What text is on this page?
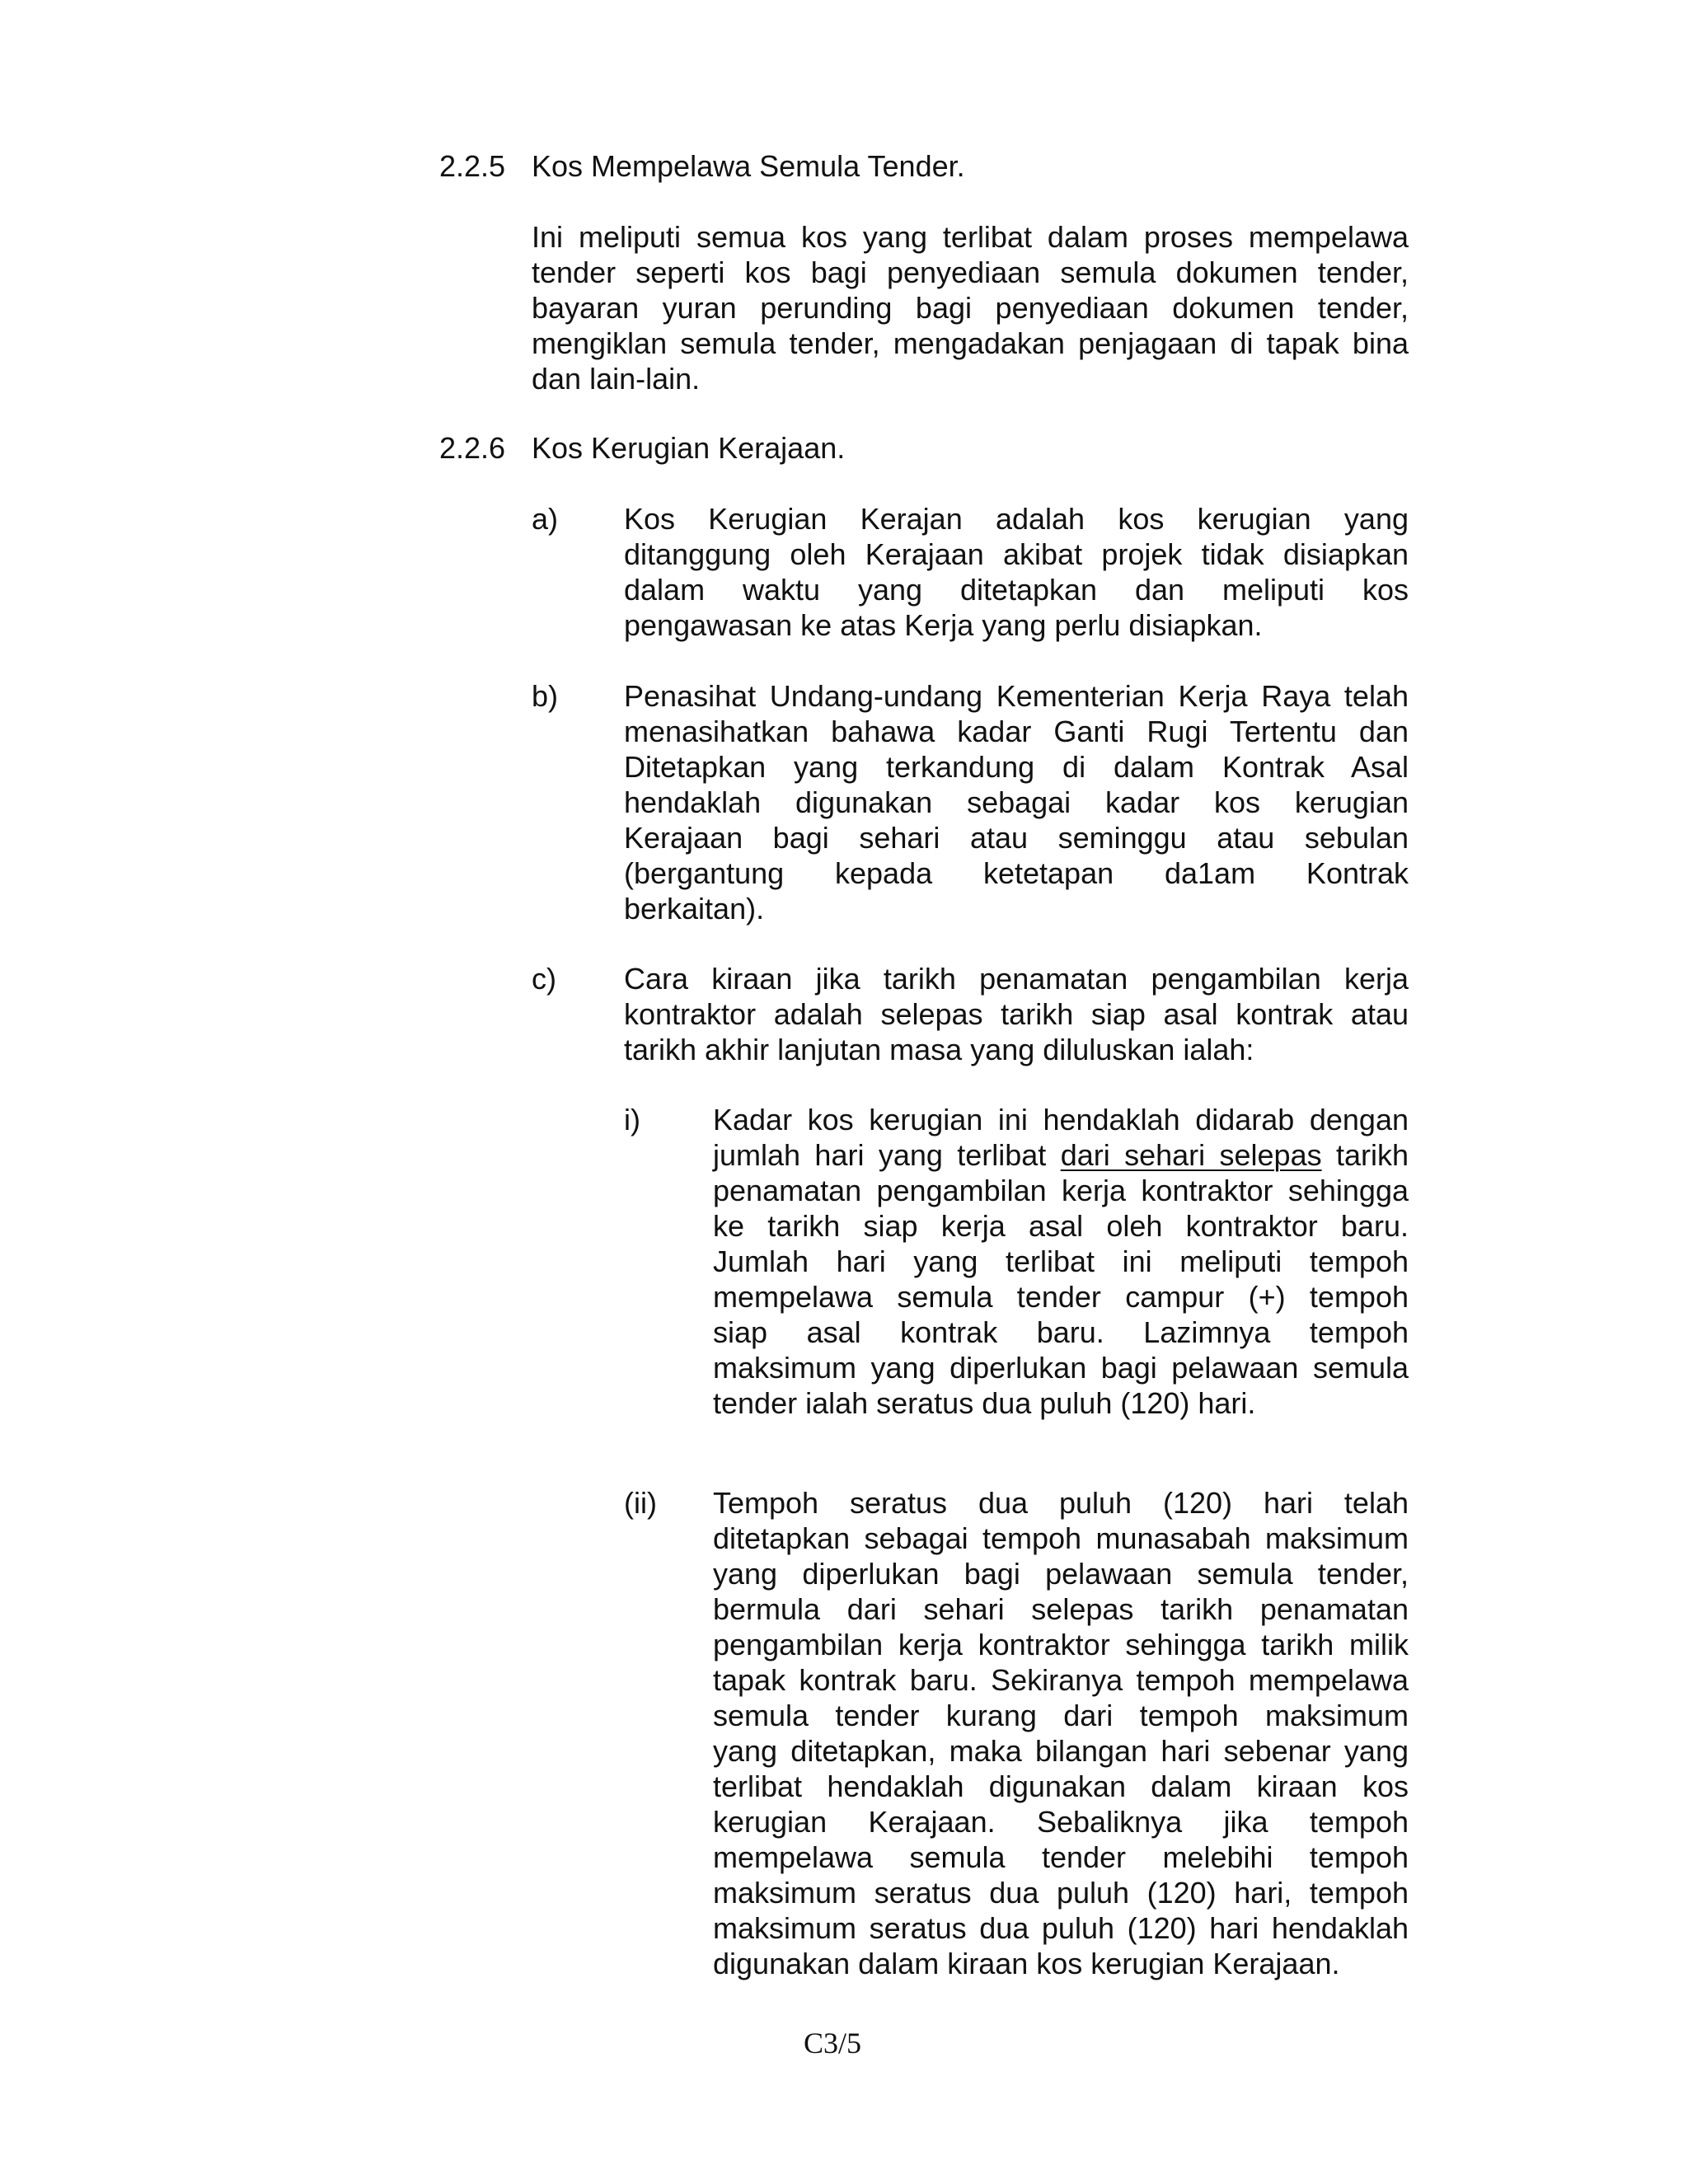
2.2.5 Kos Mempelawa Semula Tender.
Ini meliputi semua kos yang terlibat dalam proses mempelawa
tender seperti kos bagi penyediaan semula dokumen tender,
bayaran yuran perunding bagi penyediaan dokumen tender,
mengiklan semula tender, mengadakan penjagaan di tapak bina
dan lain-lain.
2.2.6 Kos Kerugian Kerajaan.
a) Kos Kerugian Kerajan adalah kos kerugian yang
ditanggung oleh Kerajaan akibat projek tidak disiapkan
dalam waktu yang ditetapkan dan meliputi kos
pengawasan ke atas Kerja yang perlu disiapkan.
b) Penasihat Undang-undang Kementerian Kerja Raya telah
menasihatkan bahawa kadar Ganti Rugi Tertentu dan
Ditetapkan yang terkandung di dalam Kontrak Asal
hendaklah digunakan sebagai kadar kos kerugian
Kerajaan bagi sehari atau seminggu atau sebulan
(bergantung kepada ketetapan da1am Kontrak
berkaitan).
c) Cara kiraan jika tarikh penamatan pengambilan kerja
kontraktor adalah selepas tarikh siap asal kontrak atau
tarikh akhir lanjutan masa yang diluluskan ialah:
i) Kadar kos kerugian ini hendaklah didarab dengan
jumlah hari yang terlibat dari sehari selepas tarikh
penamatan pengambilan kerja kontraktor sehingga
ke tarikh siap kerja asal oleh kontraktor baru.
Jumlah hari yang terlibat ini meliputi tempoh
mempelawa semula tender campur (+) tempoh
siap asal kontrak baru. Lazimnya tempoh
maksimum yang diperlukan bagi pelawaan semula
tender ialah seratus dua puluh (120) hari.
(ii) Tempoh seratus dua puluh (120) hari telah
ditetapkan sebagai tempoh munasabah maksimum
yang diperlukan bagi pelawaan semula tender,
bermula dari sehari selepas tarikh penamatan
pengambilan kerja kontraktor sehingga tarikh milik
tapak kontrak baru. Sekiranya tempoh mempelawa
semula tender kurang dari tempoh maksimum
yang ditetapkan, maka bilangan hari sebenar yang
terlibat hendaklah digunakan dalam kiraan kos
kerugian Kerajaan. Sebaliknya jika tempoh
mempelawa semula tender melebihi tempoh
maksimum seratus dua puluh (120) hari, tempoh
maksimum seratus dua puluh (120) hari hendaklah
digunakan dalam kiraan kos kerugian Kerajaan.
C3/5
